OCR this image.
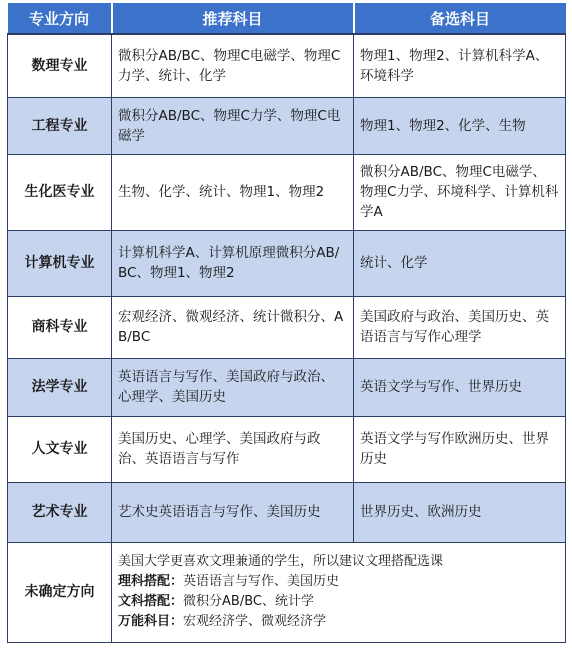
专业方向	推荐科目	备选科目
数理专业	微积分AB/BC、物理C电磁学、物理C力学、统计、化学	物理1、物理2、计算机科学A、环境科学
工程专业	微积分AB/BC、物理C力学、物理C电磁学	物理1、物理2、化学、生物
生化医专业	生物、化学、统计、物理1、物理2	微积分AB/BC、物理C电磁学、物理C力学、环境科学、计算机科学A
计算机专业	计算机科学A、计算机原理微积分AB/BC、物理1、物理2	统计、化学
商科专业	宏观经济、微观经济、统计微积分、AB/BC	美国政府与政治、美国历史、英语语言与写作心理学
法学专业	英语语言与写作、美国政府与政治、心理学、美国历史	英语文学与写作、世界历史
人文专业	美国历史、心理学、美国政府与政治、英语语言与写作	英语文学与写作欧洲历史、世界历史
艺术专业	艺术史英语语言与写作、美国历史	世界历史、欧洲历史
未确定方向	美国大学更喜欢文理兼通的学生，所以建议文理搭配选课
理科搭配：英语语言与写作、美国历史
文科搭配：微积分AB/BC、统计学
万能科目：宏观经济学、微观经济学	
